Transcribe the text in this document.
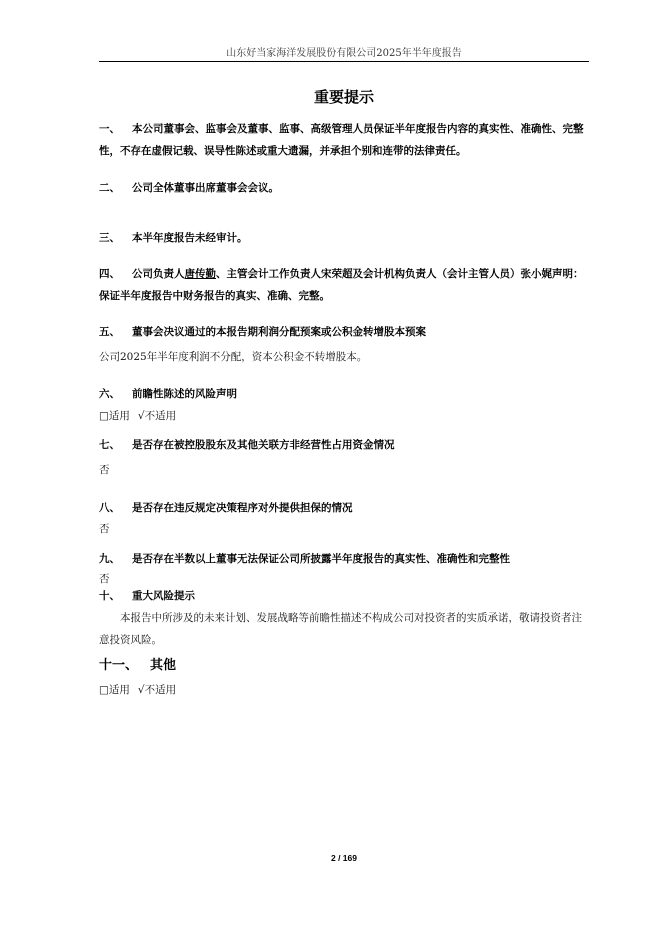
山东好当家海洋发展股份有限公司2025年半年度报告
重要提示
一、 本公司董事会、监事会及董事、监事、高级管理人员保证半年度报告内容的真实性、准确性、完整性，不存在虚假记载、误导性陈述或重大遗漏，并承担个别和连带的法律责任。
二、 公司全体董事出席董事会会议。
三、 本半年度报告未经审计。
四、 公司负责人唐传勤、主管会计工作负责人宋荣超及会计机构负责人（会计主管人员）张小娓声明：保证半年度报告中财务报告的真实、准确、完整。
五、 董事会决议通过的本报告期利润分配预案或公积金转增股本预案
公司2025年半年度利润不分配，资本公积金不转增股本。
六、 前瞻性陈述的风险声明
□适用 √不适用
七、 是否存在被控股股东及其他关联方非经营性占用资金情况
否
八、 是否存在违反规定决策程序对外提供担保的情况
否
九、 是否存在半数以上董事无法保证公司所披露半年度报告的真实性、准确性和完整性
否
十、 重大风险提示
本报告中所涉及的未来计划、发展战略等前瞻性描述不构成公司对投资者的实质承诺，敬请投资者注意投资风险。
十一、 其他
□适用 √不适用
2 / 169
